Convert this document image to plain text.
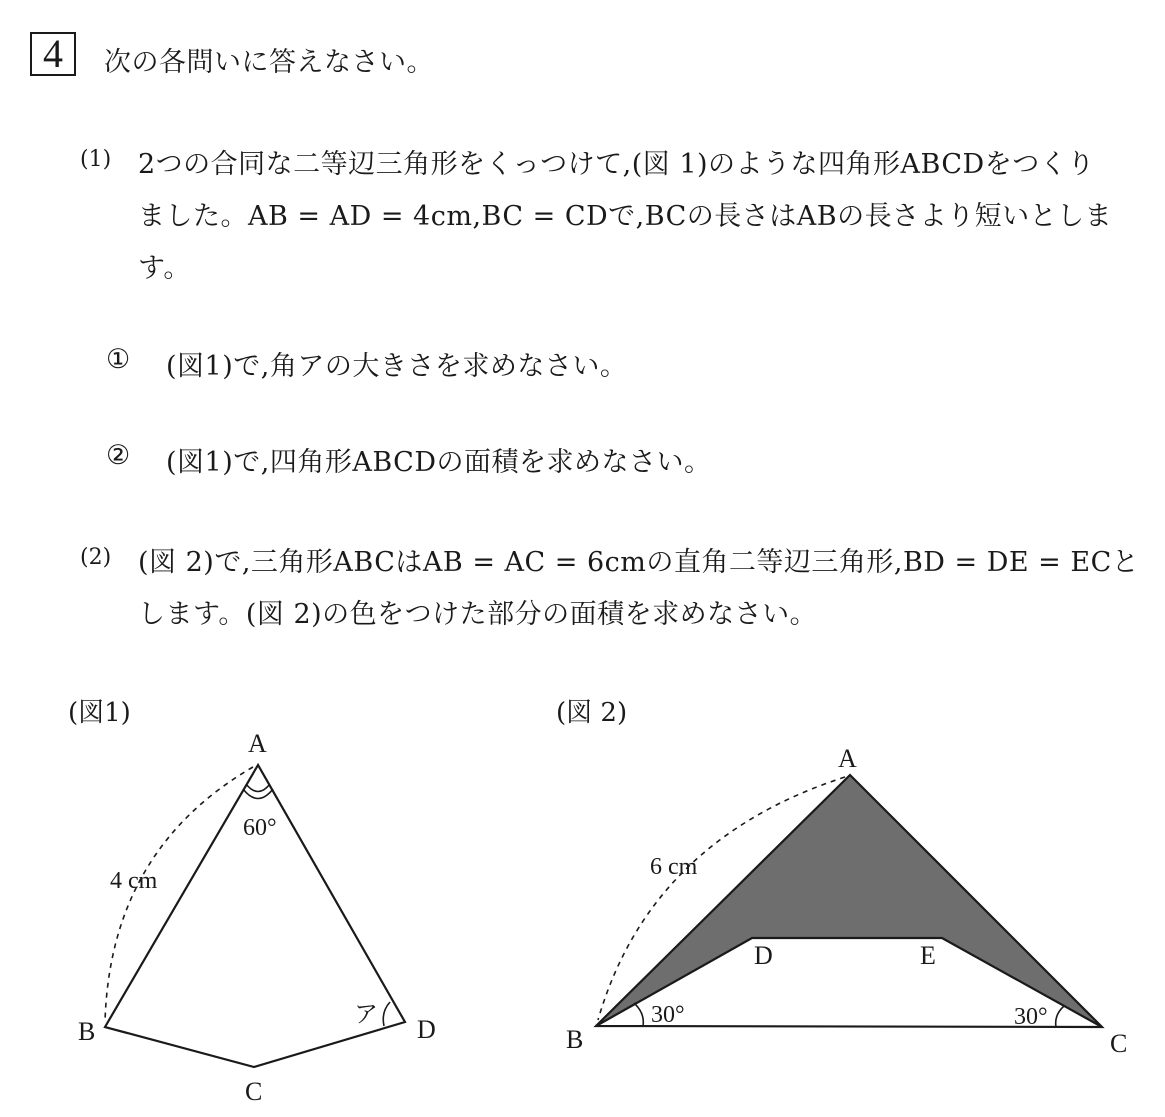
4	次の各問いに答えなさい。
(1) 2つの合同な二等辺三角形をくっつけて,(図 1)のような四角形ABCDをつくり
ました。AB = AD = 4cm,BC = CDで,BCの長さはABの長さより短いとしま
す。
① (図1)で,角アの大きさを求めなさい。
② (図1)で,四角形ABCDの面積を求めなさい。
(2) (図 2)で,三角形ABCはAB = AC = 6cmの直角二等辺三角形,BD = DE = ECと
します。(図 2)の色をつけた部分の面積を求めなさい。
(図1)	(図 2)
A
B
C
D
60°
ア
4 cm
A
B	C
D	E
30°	30°
6 cm
